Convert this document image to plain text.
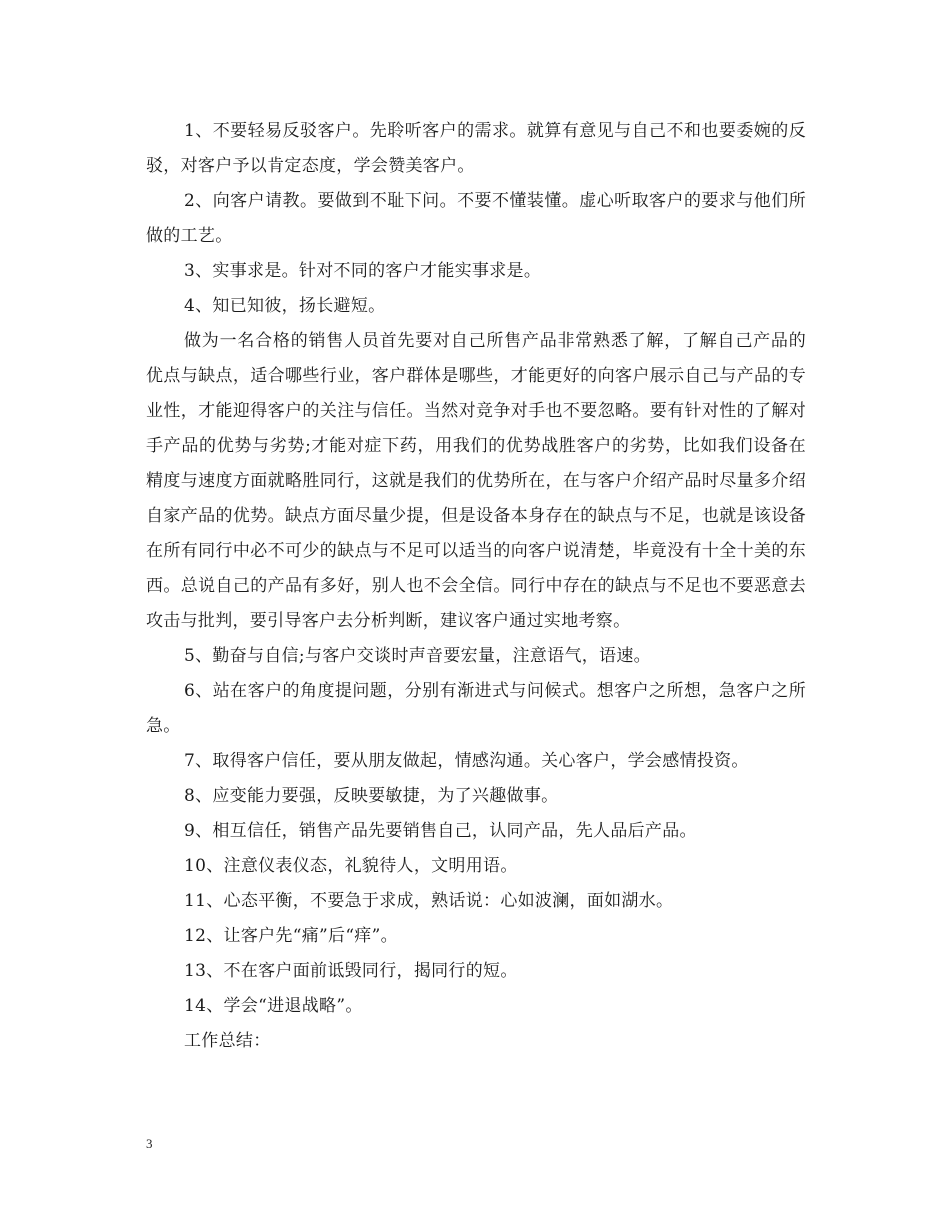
1、不要轻易反驳客户。先聆听客户的需求。就算有意见与自己不和也要委婉的反驳，对客户予以肯定态度，学会赞美客户。

2、向客户请教。要做到不耻下问。不要不懂装懂。虚心听取客户的要求与他们所做的工艺。

3、实事求是。针对不同的客户才能实事求是。

4、知已知彼，扬长避短。

做为一名合格的销售人员首先要对自己所售产品非常熟悉了解，了解自己产品的优点与缺点，适合哪些行业，客户群体是哪些，才能更好的向客户展示自己与产品的专业性，才能迎得客户的关注与信任。当然对竞争对手也不要忽略。要有针对性的了解对手产品的优势与劣势;才能对症下药，用我们的优势战胜客户的劣势，比如我们设备在精度与速度方面就略胜同行，这就是我们的优势所在，在与客户介绍产品时尽量多介绍自家产品的优势。缺点方面尽量少提，但是设备本身存在的缺点与不足，也就是该设备在所有同行中必不可少的缺点与不足可以适当的向客户说清楚，毕竟没有十全十美的东西。总说自己的产品有多好，别人也不会全信。同行中存在的缺点与不足也不要恶意去攻击与批判，要引导客户去分析判断，建议客户通过实地考察。

5、勤奋与自信;与客户交谈时声音要宏量，注意语气，语速。

6、站在客户的角度提问题，分别有渐进式与问候式。想客户之所想，急客户之所急。

7、取得客户信任，要从朋友做起，情感沟通。关心客户，学会感情投资。

8、应变能力要强，反映要敏捷，为了兴趣做事。

9、相互信任，销售产品先要销售自己，认同产品，先人品后产品。

10、注意仪表仪态，礼貌待人，文明用语。

11、心态平衡，不要急于求成，熟话说：心如波澜，面如湖水。

12、让客户先“痛”后“痒”。

13、不在客户面前诋毁同行，揭同行的短。

14、学会“进退战略”。

工作总结：

3
